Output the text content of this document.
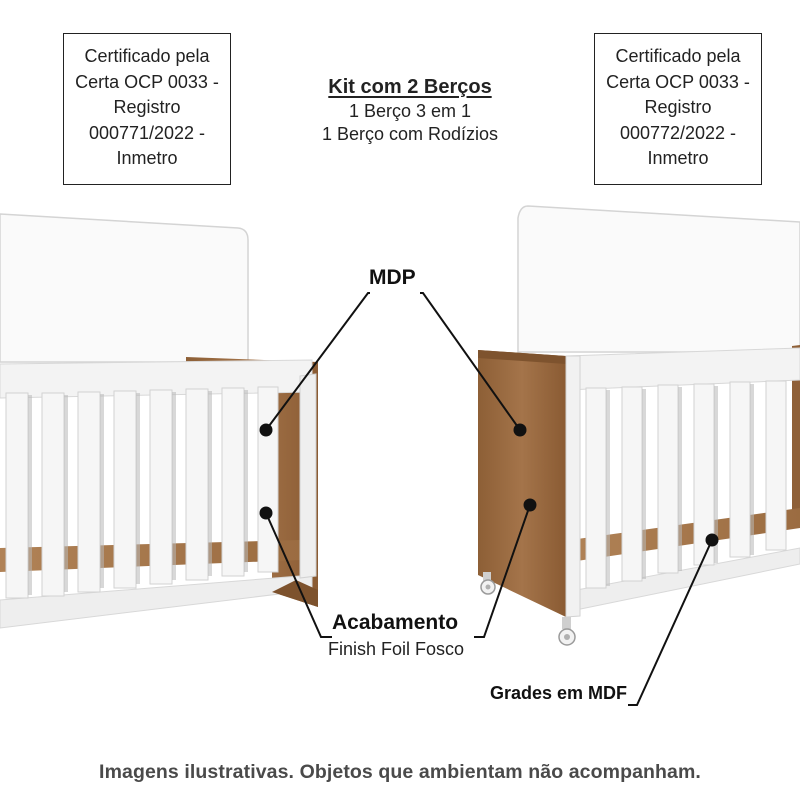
Certificado pela
Certa OCP 0033 -
Registro
000771/2022 -
Inmetro
Certificado pela
Certa OCP 0033 -
Registro
000772/2022 -
Inmetro
Kit com 2 Berços
1 Berço 3 em 1
1 Berço com Rodízios
MDP
Acabamento
Finish Foil Fosco
Grades em MDF
Imagens ilustrativas. Objetos que ambientam não acompanham.
